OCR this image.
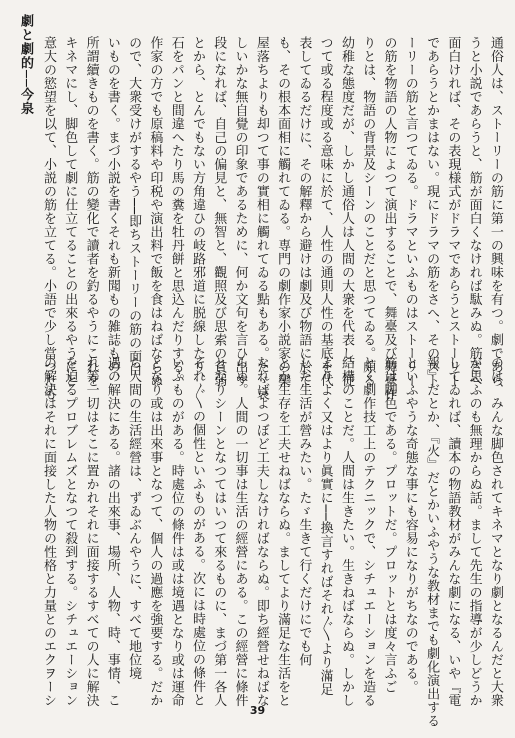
劇と劇的──今泉	通俗人は、ストーリーの筋に第一の興味を有つ。劇であら
うと小説であらうと、筋が面白くなければ駄みぬ。筋さへ
面白ければ、その表現様式がドラマであらうとストーリー
であらうとかまはない。現にドラマの筋をさへ、そのスト
ーリーの筋と言つてゐる。ドラマといふものはストーリー
の筋を物語の人物によつて演出することで、舞臺及び舞臺作
りとは、物語の背景及シーンのことだと思つてゐる。頗る
幼稚な態度だが、しかし通俗人は人間の大衆を代表し、従
つて或る程度或る意味に於て、人性の通則人性の基底を代
表してゐるだけに、その解釋から避けは劇及び物語に於て
も、その根本面相に觸れてゐる。専門の劇作家小説家の欒
屋落ちよりも却つて事の實相に觸れてゐる點もある。たゞ哀
しいかな無自覺の印象であるために、何か文句を言ひ出す
段になれば、自己の偏見と、無智と、觀照及び思索の貧弱
とから、とんでもない方角違ひの岐路邪道に脱線したり、
石をパンと間違へたり馬の糞を牡丹餅と思込んだりする。
作家の方でも原稿料や印税や演出料で飯を食はねばならぬ
ので、大衆受けがするやう──即ちストーリーの筋の面白
いものを書く。まづ小説を書くそれも新聞もの雑誌もの、
所謂續きものを書く。筋の變化で讀者を釣るやうにこれを
キネマにし、脚色して劇に仕立てることの出來るやうにと
意大の慾望を以て、小説の筋を立てる。小語で少し當つたも
のは、みんな脚色されてキネマとなり劇となるんだと大衆
が思ふのも無理からぬ話。まして先生の指導が少しどうか
してゐれば、讀本の物語教材がみんな劇になる、いや『電
報』だとか、『火』だとかいふやうな教材までも劇化演出する
といふやうな奇態な事にも容易になりがちなのである。
筋は脚色である。プロットだ。プロットとは度々言ふご
とく劇作技工上のテクニックで、シチュエーションを造る
結構のことだ。人間は生きたい。生きねばならぬ。しかし
よりよく又はより眞實に──換言すればそれ〲より滿足
した生活が營みたい。たゞ生きて行くだけにでも何
とか生存を工夫せねばならぬ。ましてより滿足な生活をと
なればよつぼど工夫しなければならぬ。即ち經營せねばな
らぬ。人間の一切事は生活の經營にある。この經營に條件
となりシーンとなつてはいつて來るものに、まづ第一各人
それ〲の個性といふものがある。次には時處位の條件と
いふものがある。時處位の條件は或は境遇となり或は運命
となり或は出來事となつて、個人の過應を強要する。だか
ら人間の生活經營は、ずゐぶんやうに、すべて地位境
遇の解決にある。諸の出來事、場所、人物、時、事情、こ
れ等一切はそこに置かれそれに面接するすべての人に解決
を迫るプロブレムズとなつて殺到する。シチュエーション
の解決はそれに面接した人物の性格と力量とのエクヲーシ
39
